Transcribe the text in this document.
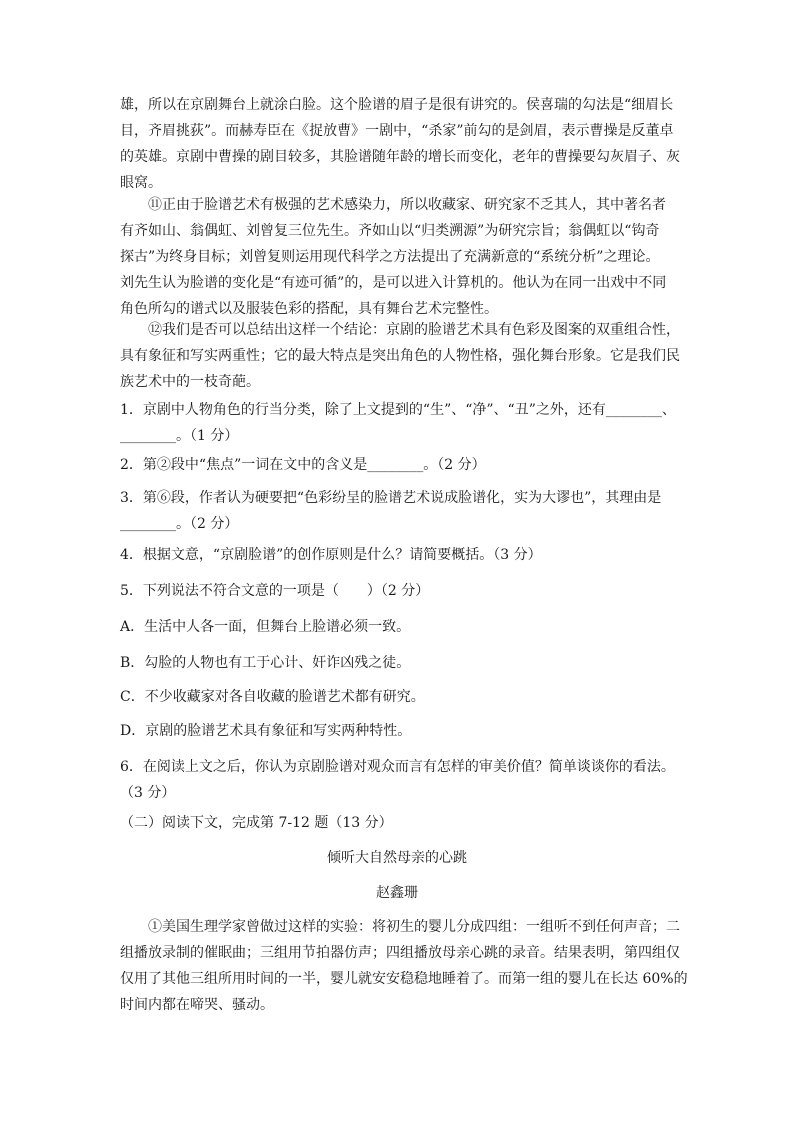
雄，所以在京剧舞台上就涂白脸。这个脸谱的眉子是很有讲究的。侯喜瑞的勾法是“细眉长
目，齐眉挑荻”。而赫寿臣在《捉放曹》一剧中，“杀家”前勾的是剑眉，表示曹操是反董卓
的英雄。京剧中曹操的剧目较多，其脸谱随年龄的增长而变化，老年的曹操要勾灰眉子、灰
眼窝。
⑪正由于脸谱艺术有极强的艺术感染力，所以收藏家、研究家不乏其人，其中著名者
有齐如山、翁偶虹、刘曾复三位先生。齐如山以“归类溯源”为研究宗旨；翁偶虹以“钩奇
探古”为终身目标；刘曾复则运用现代科学之方法提出了充满新意的“系统分析”之理论。
刘先生认为脸谱的变化是“有迹可循”的，是可以进入计算机的。他认为在同一出戏中不同
角色所勾的谱式以及服装色彩的搭配，具有舞台艺术完整性。
⑫我们是否可以总结出这样一个结论：京剧的脸谱艺术具有色彩及图案的双重组合性，
具有象征和写实两重性；它的最大特点是突出角色的人物性格，强化舞台形象。它是我们民
族艺术中的一枝奇葩。
1．京剧中人物角色的行当分类，除了上文提到的“生”、“净”、“丑”之外，还有________、
________。（1 分）

2．第②段中“焦点”一词在文中的含义是________。（2 分）

3．第⑥段，作者认为硬要把“色彩纷呈的脸谱艺术说成脸谱化，实为大谬也”，其理由是
________。（2 分）

4．根据文意，“京剧脸谱”的创作原则是什么？请简要概括。（3 分）

5．下列说法不符合文意的一项是（　　）（2 分）

A．生活中人各一面，但舞台上脸谱必须一致。

B．勾脸的人物也有工于心计、奸诈凶残之徒。

C．不少收藏家对各自收藏的脸谱艺术都有研究。

D．京剧的脸谱艺术具有象征和写实两种特性。

6．在阅读上文之后，你认为京剧脸谱对观众而言有怎样的审美价值？简单谈谈你的看法。
（3 分）

（二）阅读下文，完成第 7-12 题（13 分）

倾听大自然母亲的心跳

赵鑫珊

①美国生理学家曾做过这样的实验：将初生的婴儿分成四组：一组听不到任何声音；二
组播放录制的催眠曲；三组用节拍器仿声；四组播放母亲心跳的录音。结果表明，第四组仅
仅用了其他三组所用时间的一半，婴儿就安安稳稳地睡着了。而第一组的婴儿在长达 60%的
时间内都在啼哭、骚动。
